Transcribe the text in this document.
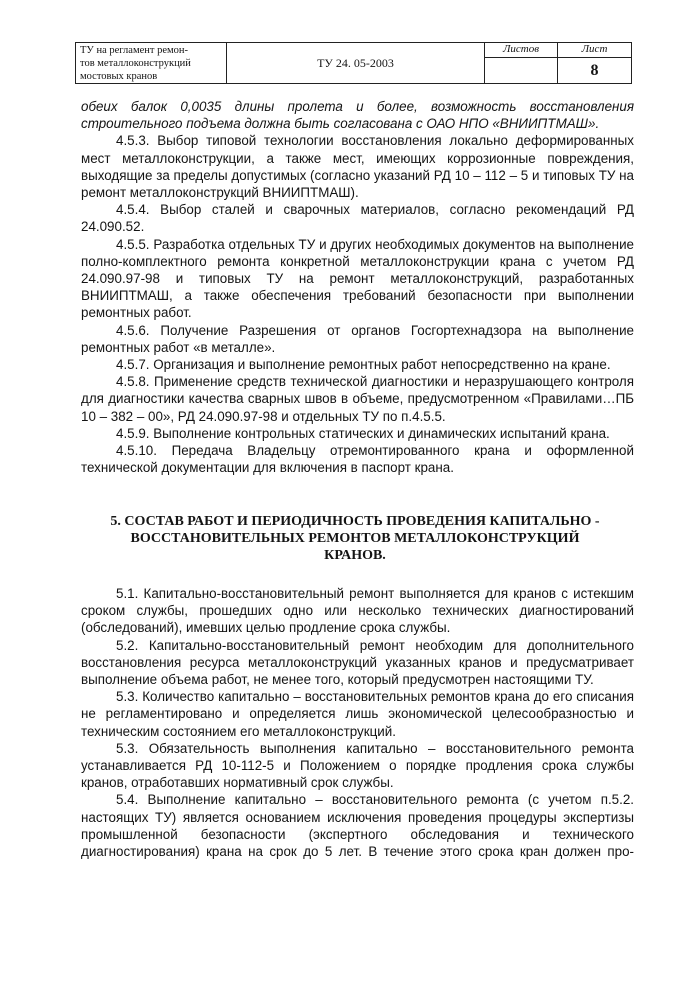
ТУ на регламент ремон-
тов металлоконструкций
мостовых кранов
ТУ 24. 05-2003
Листов	Лист
8

обеих балок 0,0035 длины пролета и более, возможность восстановления строительного подъема должна быть согласована с ОАО НПО «ВНИИПТМАШ».

4.5.3. Выбор типовой технологии восстановления локально деформированных мест металлоконструкции, а также мест, имеющих коррозионные повреждения, выходящие за пределы допустимых (согласно указаний РД 10 – 112 – 5 и типовых ТУ на ремонт металлоконструкций ВНИИПТМАШ).

4.5.4. Выбор сталей и сварочных материалов, согласно рекомендаций РД 24.090.52.

4.5.5. Разработка отдельных ТУ и других необходимых документов на выполнение полно-комплектного ремонта конкретной металлоконструкции крана с учетом РД 24.090.97-98 и типовых ТУ на ремонт металлоконструкций, разработанных ВНИИПТМАШ, а также обеспечения требований безопасности при выполнении ремонтных работ.

4.5.6. Получение Разрешения от органов Госгортехнадзора на выполнение ремонтных работ «в металле».

4.5.7. Организация и выполнение ремонтных работ непосредственно на кране.

4.5.8. Применение средств технической диагностики и неразрушающего контроля для диагностики качества сварных швов в объеме, предусмотренном «Правилами…ПБ 10 – 382 – 00», РД 24.090.97-98 и отдельных ТУ по п.4.5.5.

4.5.9. Выполнение контрольных статических и динамических испытаний крана.

4.5.10. Передача Владельцу отремонтированного крана и оформленной технической документации для включения в паспорт крана.

5. СОСТАВ РАБОТ И ПЕРИОДИЧНОСТЬ ПРОВЕДЕНИЯ КАПИТАЛЬНО - ВОССТАНОВИТЕЛЬНЫХ РЕМОНТОВ МЕТАЛЛОКОНСТРУКЦИЙ КРАНОВ.

5.1. Капитально-восстановительный ремонт выполняется для кранов с истекшим сроком службы, прошедших одно или несколько технических диагностирований (обследований), имевших целью продление срока службы.

5.2. Капитально-восстановительный ремонт необходим для дополнительного восстановления ресурса металлоконструкций указанных кранов и предусматривает выполнение объема работ, не менее того, который предусмотрен настоящими ТУ.

5.3. Количество капитально – восстановительных ремонтов крана до его списания не регламентировано и определяется лишь экономической целесообразностью и техническим состоянием его металлоконструкций.

5.3. Обязательность выполнения капитально – восстановительного ремонта устанавливается РД 10-112-5 и Положением о порядке продления срока службы кранов, отработавших нормативный срок службы.

5.4. Выполнение капитально – восстановительного ремонта (с учетом п.5.2. настоящих ТУ) является основанием исключения проведения процедуры экспертизы промышленной безопасности (экспертного обследования и технического диагностирования) крана на срок до 5 лет. В течение этого срока кран должен про-
